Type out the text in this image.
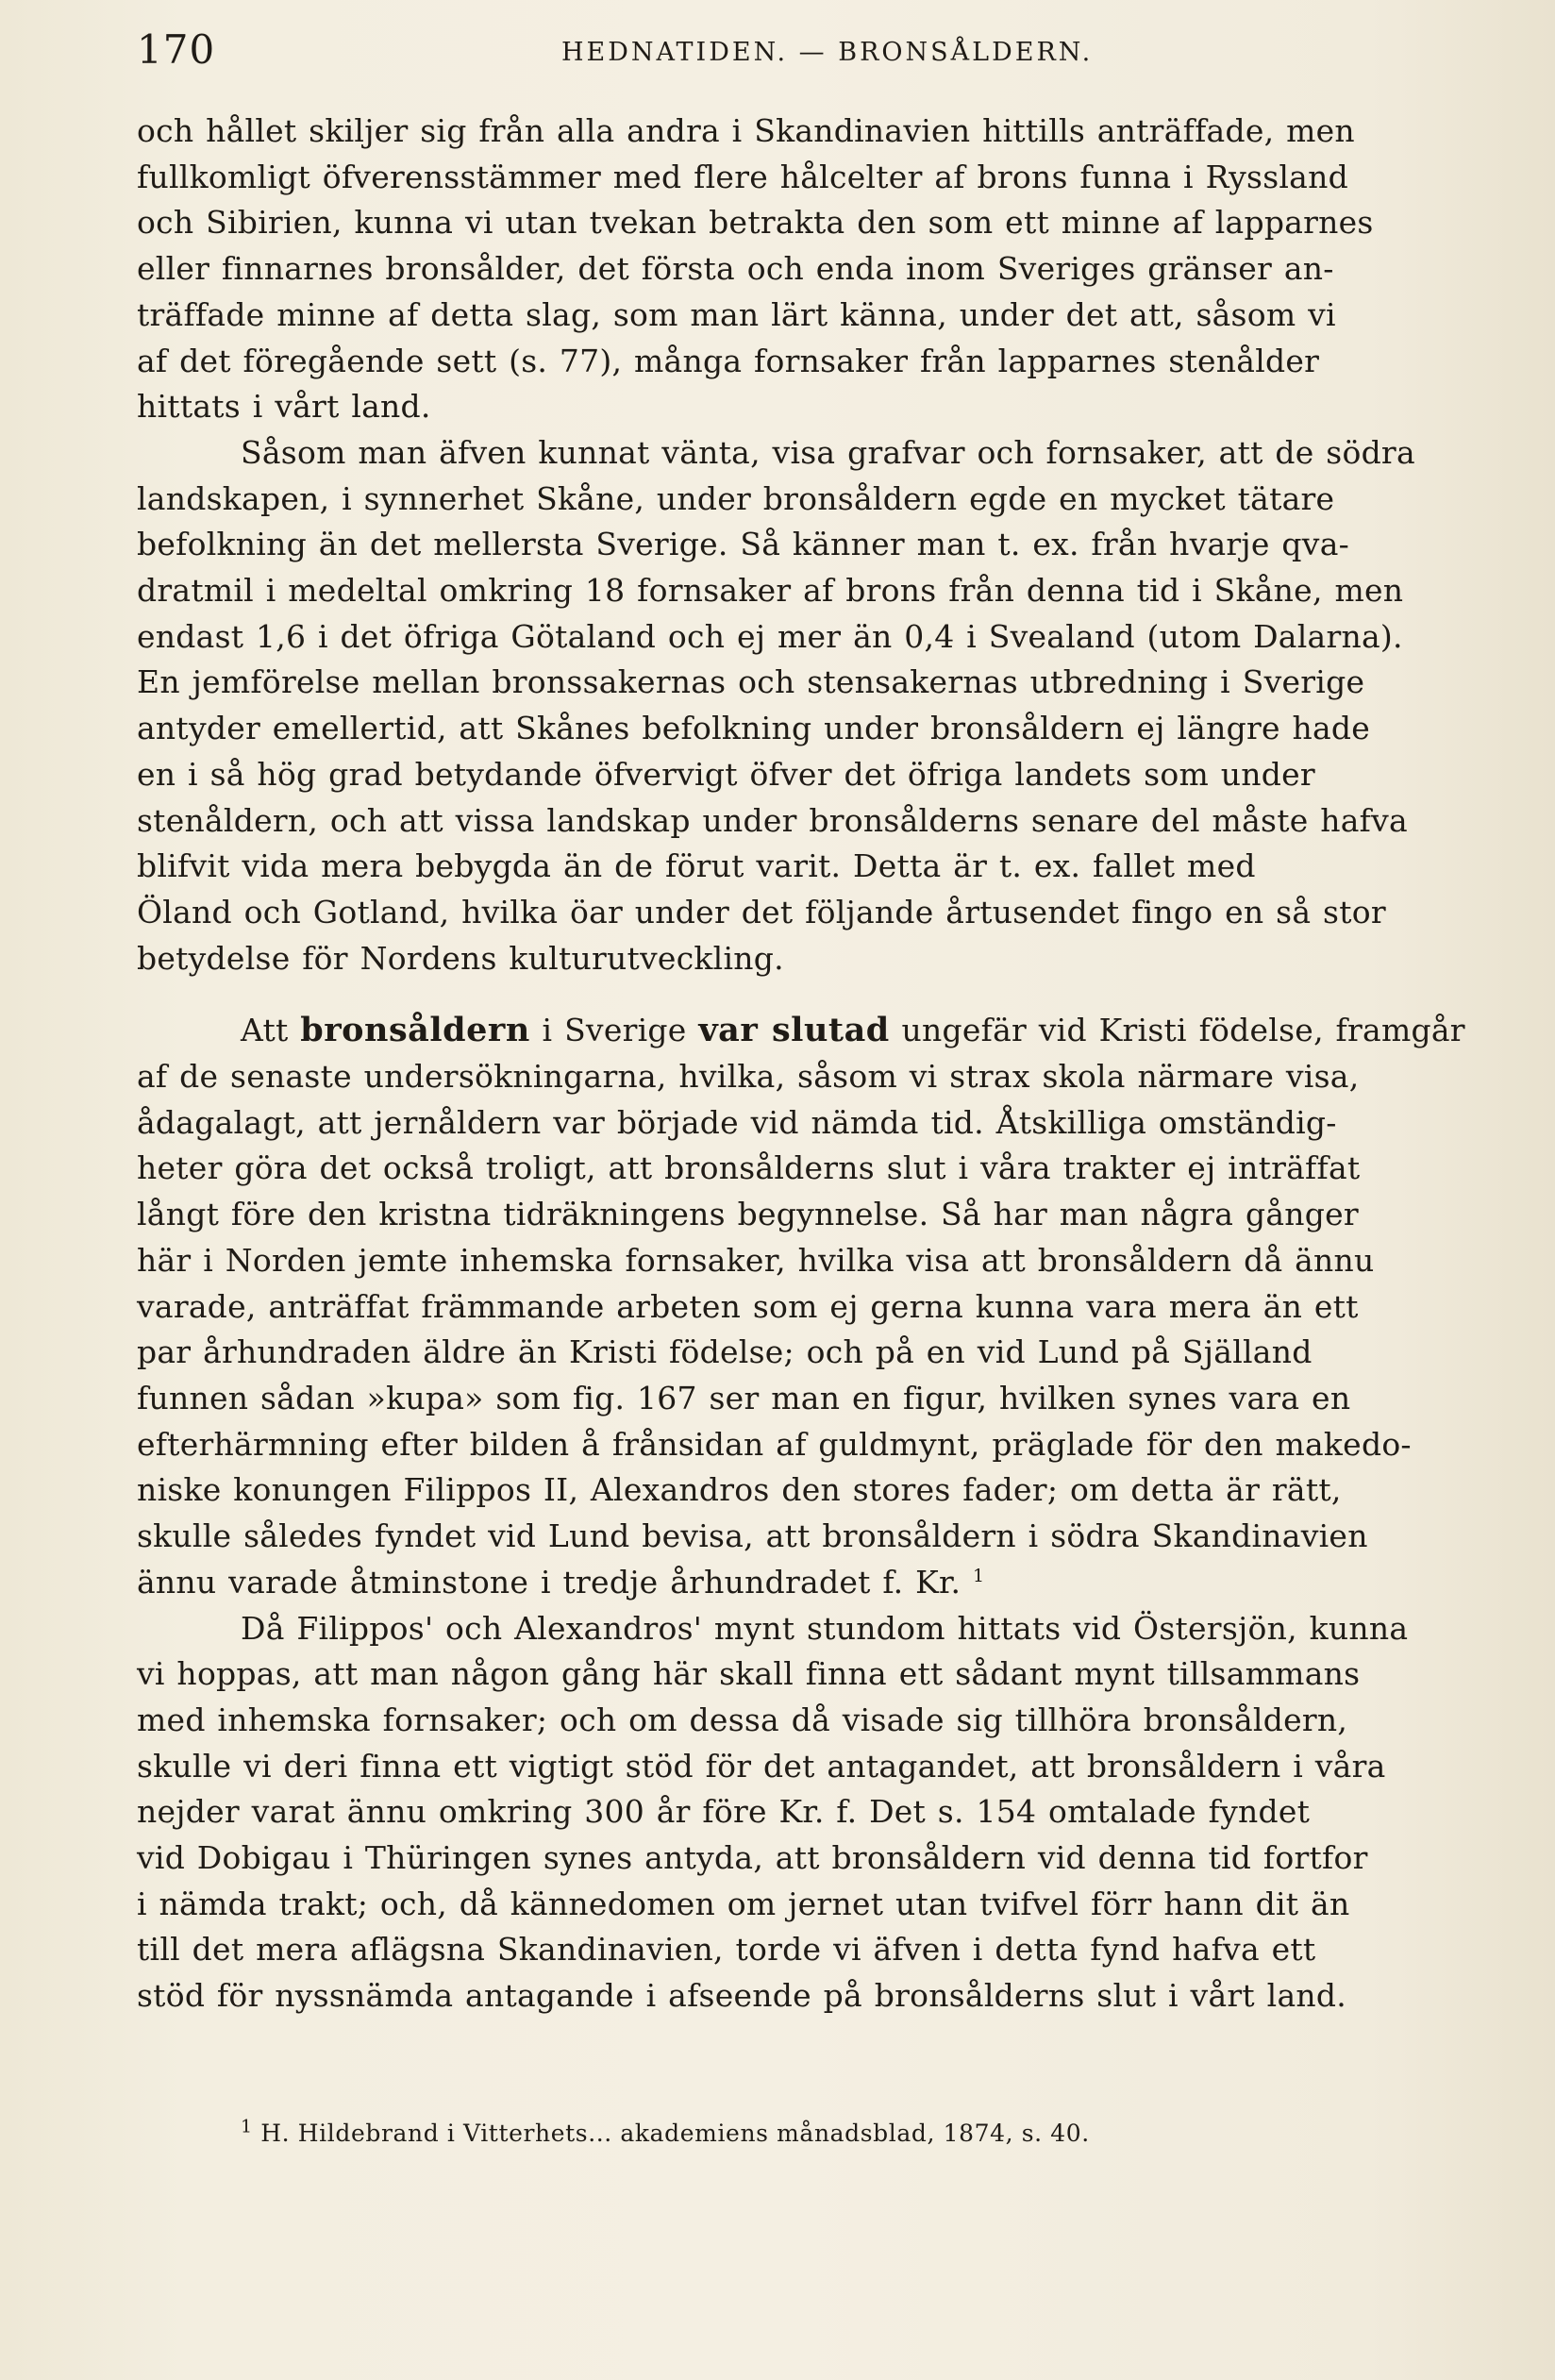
170	HEDNATIDEN. — BRONSÅLDERN.

och hållet skiljer sig från alla andra i Skandinavien hittills anträffade, men
fullkomligt öfverensstämmer med flere hålcelter af brons funna i Ryssland
och Sibirien, kunna vi utan tvekan betrakta den som ett minne af lapparnes
eller finnarnes bronsålder, det första och enda inom Sveriges gränser an-
träffade minne af detta slag, som man lärt känna, under det att, såsom vi
af det föregående sett (s. 77), många fornsaker från lapparnes stenålder
hittats i vårt land.

Såsom man äfven kunnat vänta, visa grafvar och fornsaker, att de södra
landskapen, i synnerhet Skåne, under bronsåldern egde en mycket tätare
befolkning än det mellersta Sverige. Så känner man t. ex. från hvarje qva-
dratmil i medeltal omkring 18 fornsaker af brons från denna tid i Skåne, men
endast 1,6 i det öfriga Götaland och ej mer än 0,4 i Svealand (utom Dalarna).
En jemförelse mellan bronssakernas och stensakernas utbredning i Sverige
antyder emellertid, att Skånes befolkning under bronsåldern ej längre hade
en i så hög grad betydande öfvervigt öfver det öfriga landets som under
stenåldern, och att vissa landskap under bronsålderns senare del måste hafva
blifvit vida mera bebygda än de förut varit. Detta är t. ex. fallet med
Öland och Gotland, hvilka öar under det följande årtusendet fingo en så stor
betydelse för Nordens kulturutveckling.

Att bronsåldern i Sverige var slutad ungefär vid Kristi födelse, framgår
af de senaste undersökningarna, hvilka, såsom vi strax skola närmare visa,
ådagalagt, att jernåldern var började vid nämda tid. Åtskilliga omständig-
heter göra det också troligt, att bronsålderns slut i våra trakter ej inträffat
långt före den kristna tidräkningens begynnelse. Så har man några gånger
här i Norden jemte inhemska fornsaker, hvilka visa att bronsåldern då ännu
varade, anträffat främmande arbeten som ej gerna kunna vara mera än ett
par århundraden äldre än Kristi födelse; och på en vid Lund på Själland
funnen sådan »kupa» som fig. 167 ser man en figur, hvilken synes vara en
efterhärmning efter bilden å frånsidan af guldmynt, präglade för den makedo-
niske konungen Filippos II, Alexandros den stores fader; om detta är rätt,
skulle således fyndet vid Lund bevisa, att bronsåldern i södra Skandinavien
ännu varade åtminstone i tredje århundradet f. Kr. $^1$

Då Filippos' och Alexandros' mynt stundom hittats vid Östersjön, kunna
vi hoppas, att man någon gång här skall finna ett sådant mynt tillsammans
med inhemska fornsaker; och om dessa då visade sig tillhöra bronsåldern,
skulle vi deri finna ett vigtigt stöd för det antagandet, att bronsåldern i våra
nejder varat ännu omkring 300 år före Kr. f. Det s. 154 omtalade fyndet
vid Dobigau i Thüringen synes antyda, att bronsåldern vid denna tid fortfor
i nämda trakt; och, då kännedomen om jernet utan tvifvel förr hann dit än
till det mera aflägsna Skandinavien, torde vi äfven i detta fynd hafva ett
stöd för nyssnämda antagande i afseende på bronsålderns slut i vårt land.

$^1$ H. Hildebrand i Vitterhets... akademiens månadsblad, 1874, s. 40.
